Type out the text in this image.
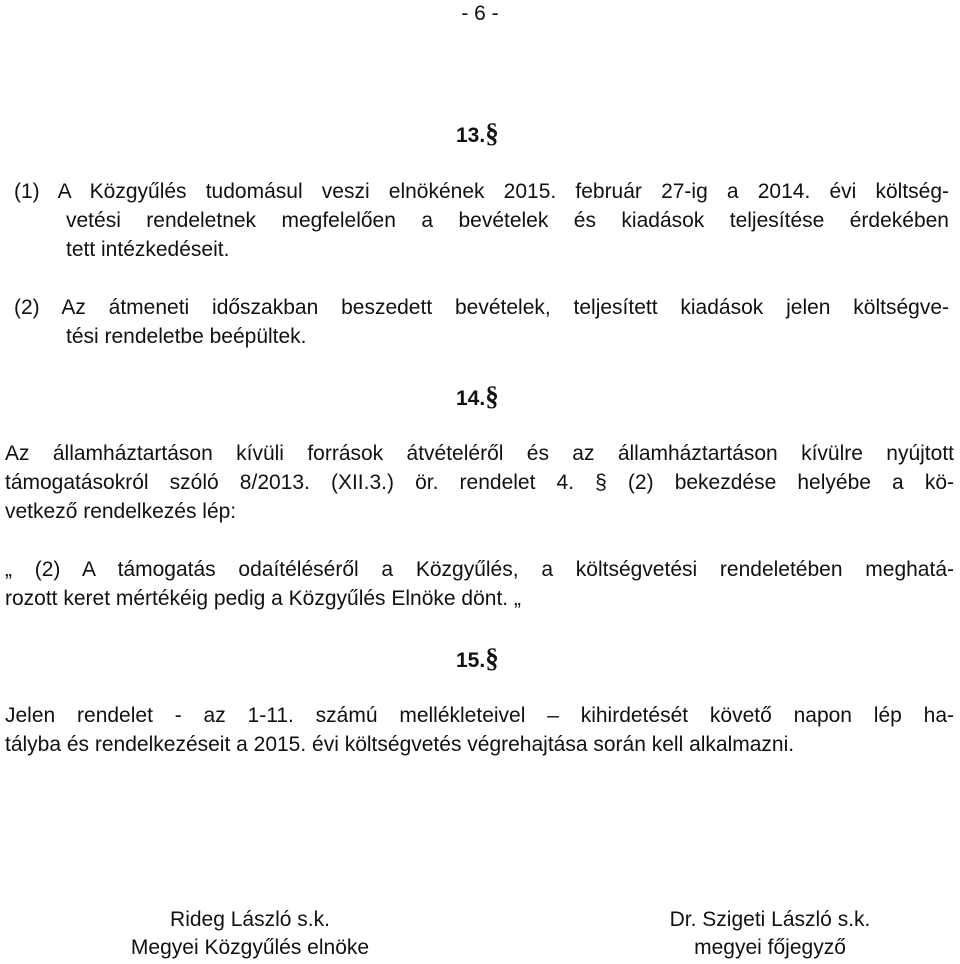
- 6 -
13.§
(1) A Közgyűlés tudomásul veszi elnökének 2015. február 27-ig a 2014. évi költség-
vetési rendeletnek megfelelően a bevételek és kiadások teljesítése érdekében
tett intézkedéseit.
(2) Az átmeneti időszakban beszedett bevételek, teljesített kiadások jelen költségve-
tési rendeletbe beépültek.
14.§
Az államháztartáson kívüli források átvételéről és az államháztartáson kívülre nyújtott
támogatásokról szóló 8/2013. (XII.3.) ör. rendelet 4. § (2) bekezdése helyébe a kö-
vetkező rendelkezés lép:
„ (2) A támogatás odaítéléséről a Közgyűlés, a költségvetési rendeletében meghatá-
rozott keret mértékéig pedig a Közgyűlés Elnöke dönt. „
15.§
Jelen rendelet - az 1-11. számú mellékleteivel – kihirdetését követő napon lép ha-
tályba és rendelkezéseit a 2015. évi költségvetés végrehajtása során kell alkalmazni.
Rideg László s.k.
Megyei Közgyűlés elnöke
Dr. Szigeti László s.k.
megyei főjegyző
